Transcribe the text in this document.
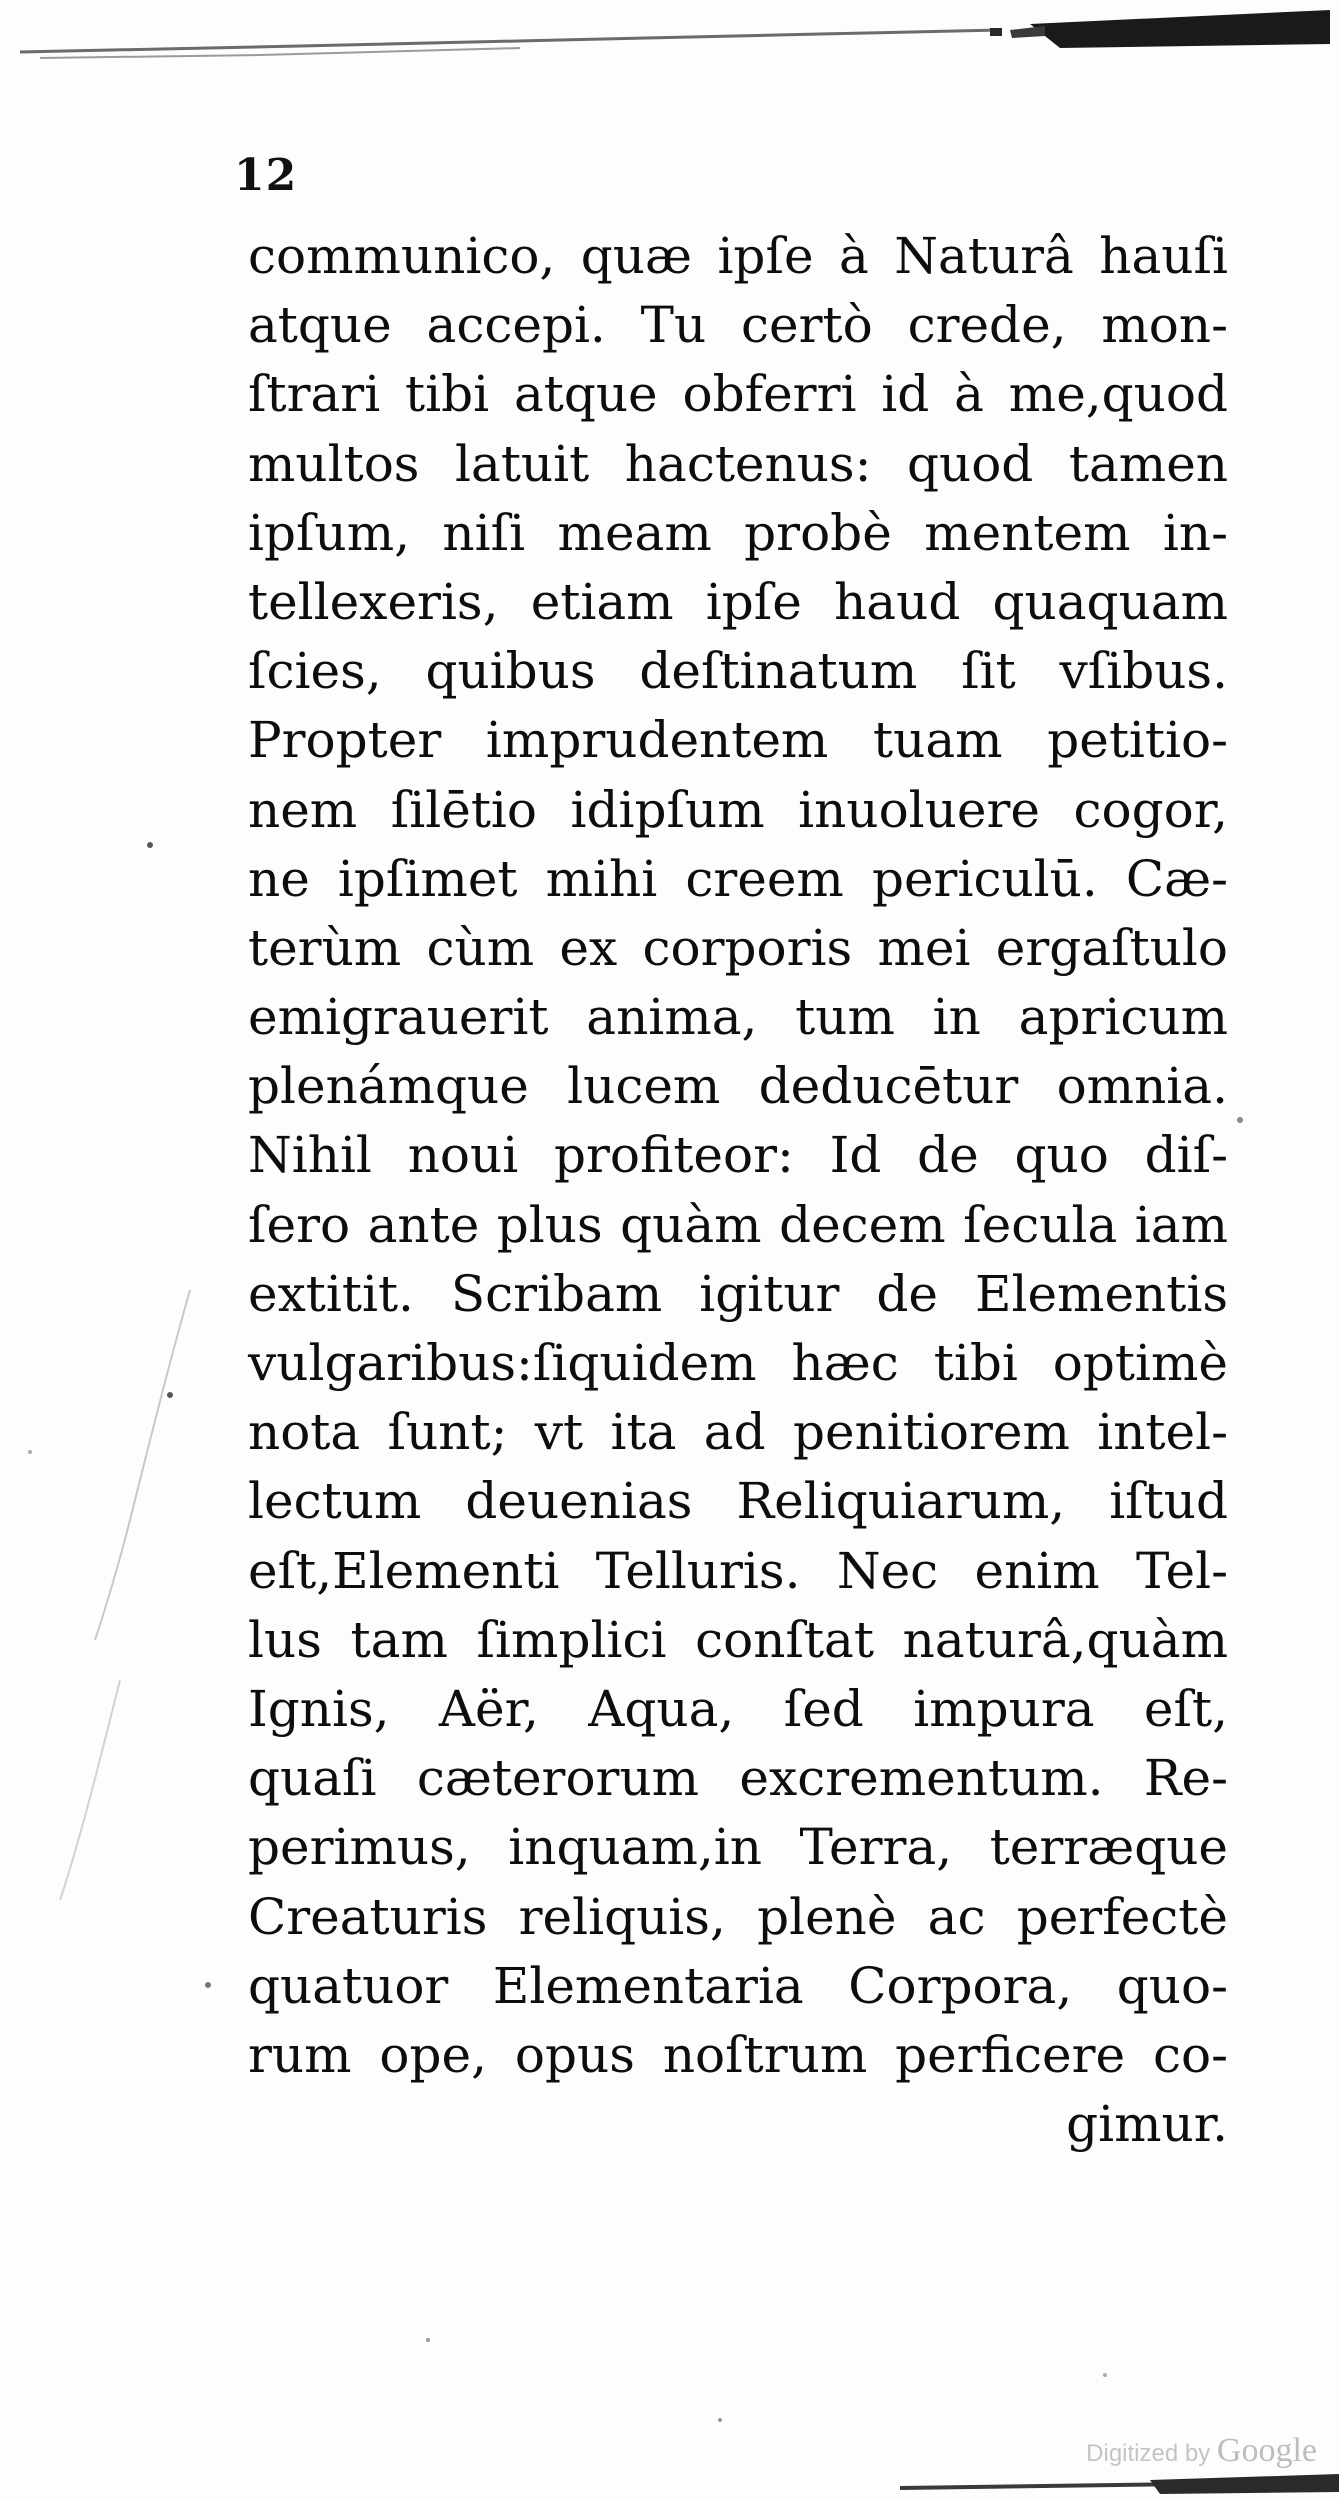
12
communico, quæ ipſe à Naturâ hauſi
atque accepi. Tu certò crede, mon-
ſtrari tibi atque obferri id à me,quod
multos latuit hactenus: quod tamen
ipſum, niſi meam probè mentem in-
tellexeris, etiam ipſe haud quaquam
ſcies, quibus deſtinatum ſit vſibus.
Propter imprudentem tuam petitio-
nem ſilētio idipſum inuoluere cogor,
ne ipſimet mihi creem periculū. Cæ-
terùm cùm ex corporis mei ergaſtulo
emigrauerit anima, tum in apricum
plenámque lucem deducētur omnia.
Nihil noui profiteor: Id de quo diſ-
ſero ante plus quàm decem ſecula iam
extitit. Scribam igitur de Elementis
vulgaribus:ſiquidem hæc tibi optimè
nota ſunt; vt ita ad penitiorem intel-
lectum deuenias Reliquiarum, iſtud
eſt,Elementi Telluris. Nec enim Tel-
lus tam ſimplici conſtat naturâ,quàm
Ignis, Aër, Aqua, ſed impura eſt,
quaſi cæterorum excrementum. Re-
perimus, inquam,in Terra, terræque
Creaturis reliquis, plenè ac perfectè
quatuor Elementaria Corpora, quo-
rum ope, opus noſtrum perficere co-
gimur.
Digitized by Google
